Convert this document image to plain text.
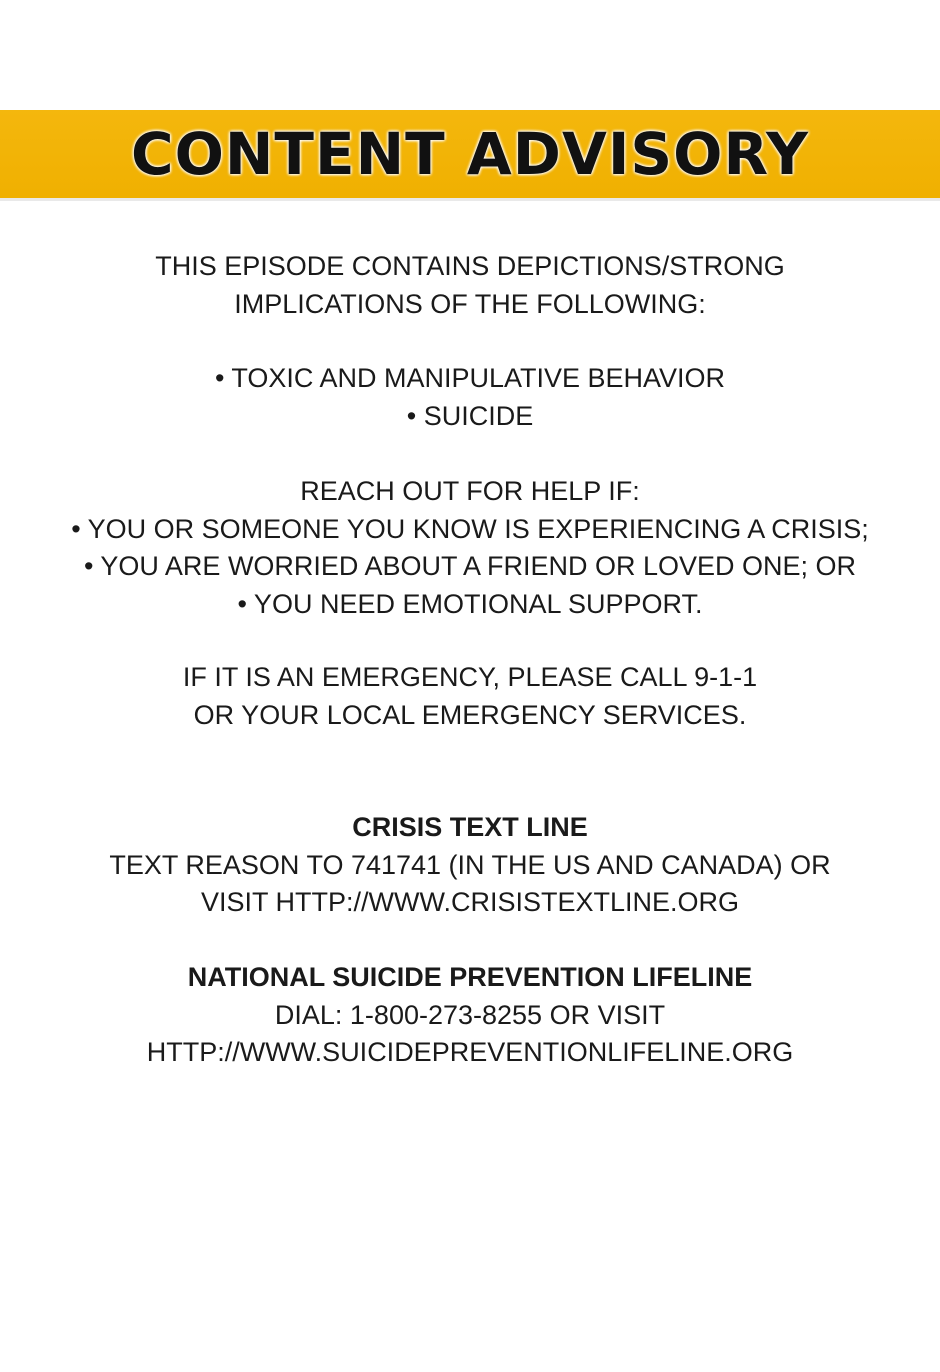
CONTENT ADVISORY
THIS EPISODE CONTAINS DEPICTIONS/STRONG
IMPLICATIONS OF THE FOLLOWING:
• TOXIC AND MANIPULATIVE BEHAVIOR
• SUICIDE
REACH OUT FOR HELP IF:
• YOU OR SOMEONE YOU KNOW IS EXPERIENCING A CRISIS;
• YOU ARE WORRIED ABOUT A FRIEND OR LOVED ONE; OR
• YOU NEED EMOTIONAL SUPPORT.
IF IT IS AN EMERGENCY, PLEASE CALL 9-1-1
OR YOUR LOCAL EMERGENCY SERVICES.
CRISIS TEXT LINE
TEXT REASON TO 741741 (IN THE US AND CANADA) OR
VISIT HTTP://WWW.CRISISTEXTLINE.ORG
NATIONAL SUICIDE PREVENTION LIFELINE
DIAL: 1-800-273-8255 OR VISIT
HTTP://WWW.SUICIDEPREVENTIONLIFELINE.ORG
